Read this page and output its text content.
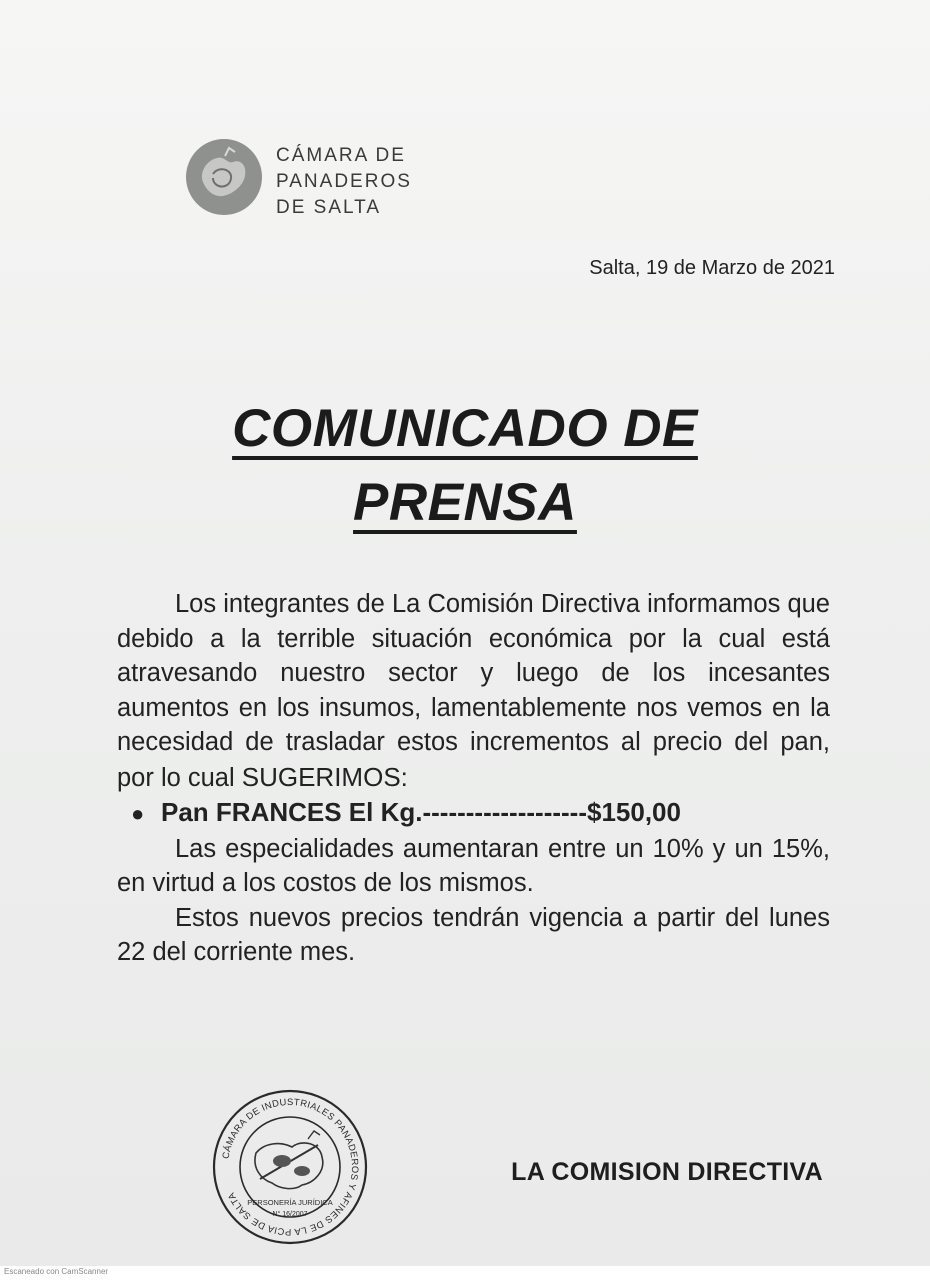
CÁMARA DE
PANADEROS
DE SALTA
Salta, 19 de Marzo de 2021
COMUNICADO DE
PRENSA

Los integrantes de La Comisión Directiva informamos que debido a la terrible situación económica por la cual está atravesando nuestro sector y luego de los incesantes aumentos en los insumos, lamentablemente nos vemos en la necesidad de trasladar estos incrementos al precio del pan, por lo cual SUGERIMOS:

● Pan FRANCES El Kg.-------------------$150,00

Las especialidades aumentaran entre un 10% y un 15%, en virtud a los costos de los mismos.

Estos nuevos precios tendrán vigencia a partir del lunes 22 del corriente mes.

CÁMARA DE INDUSTRIALES PANADEROS Y AFINES DE LA PCIA DE SALTA
PERSONERÍA JURÍDICA
N° 16/2007
LA COMISION DIRECTIVA
Escaneado con CamScanner
